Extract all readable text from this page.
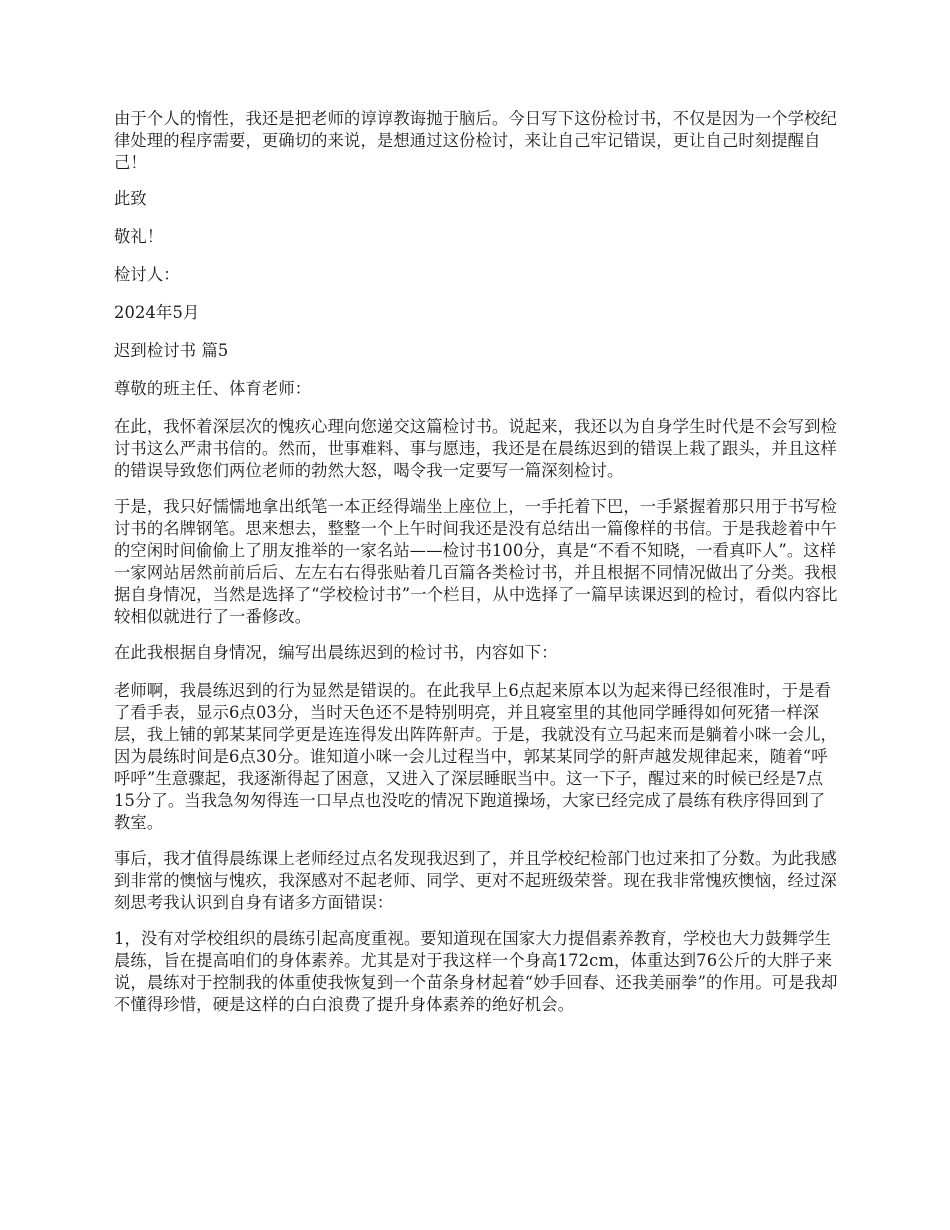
由于个人的惰性，我还是把老师的谆谆教诲抛于脑后。今日写下这份检讨书，不仅是因为一个学校纪律处理的程序需要，更确切的来说，是想通过这份检讨，来让自己牢记错误，更让自己时刻提醒自己！

此致

敬礼！

检讨人：

2024年5月

迟到检讨书 篇5

尊敬的班主任、体育老师：

在此，我怀着深层次的愧疚心理向您递交这篇检讨书。说起来，我还以为自身学生时代是不会写到检讨书这么严肃书信的。然而，世事难料、事与愿违，我还是在晨练迟到的错误上栽了跟头，并且这样的错误导致您们两位老师的勃然大怒，喝令我一定要写一篇深刻检讨。

于是，我只好懦懦地拿出纸笔一本正经得端坐上座位上，一手托着下巴，一手紧握着那只用于书写检讨书的名牌钢笔。思来想去，整整一个上午时间我还是没有总结出一篇像样的书信。于是我趁着中午的空闲时间偷偷上了朋友推举的一家名站——检讨书100分，真是“不看不知晓，一看真吓人”。这样一家网站居然前前后后、左左右右得张贴着几百篇各类检讨书，并且根据不同情况做出了分类。我根据自身情况，当然是选择了“学校检讨书”一个栏目，从中选择了一篇早读课迟到的检讨，看似内容比较相似就进行了一番修改。

在此我根据自身情况，编写出晨练迟到的检讨书，内容如下：

老师啊，我晨练迟到的行为显然是错误的。在此我早上6点起来原本以为起来得已经很准时，于是看了看手表，显示6点03分，当时天色还不是特别明亮，并且寝室里的其他同学睡得如何死猪一样深层，我上铺的郭某某同学更是连连得发出阵阵鼾声。于是，我就没有立马起来而是躺着小咪一会儿，因为晨练时间是6点30分。谁知道小咪一会儿过程当中，郭某某同学的鼾声越发规律起来，随着“呼呼呼”生意骤起，我逐渐得起了困意，又进入了深层睡眠当中。这一下子，醒过来的时候已经是7点15分了。当我急匆匆得连一口早点也没吃的情况下跑道操场，大家已经完成了晨练有秩序得回到了教室。

事后，我才值得晨练课上老师经过点名发现我迟到了，并且学校纪检部门也过来扣了分数。为此我感到非常的懊恼与愧疚，我深感对不起老师、同学、更对不起班级荣誉。现在我非常愧疚懊恼，经过深刻思考我认识到自身有诸多方面错误：

1，没有对学校组织的晨练引起高度重视。要知道现在国家大力提倡素养教育，学校也大力鼓舞学生晨练，旨在提高咱们的身体素养。尤其是对于我这样一个身高172cm，体重达到76公斤的大胖子来说，晨练对于控制我的体重使我恢复到一个苗条身材起着“妙手回春、还我美丽拳”的作用。可是我却不懂得珍惜，硬是这样的白白浪费了提升身体素养的绝好机会。
